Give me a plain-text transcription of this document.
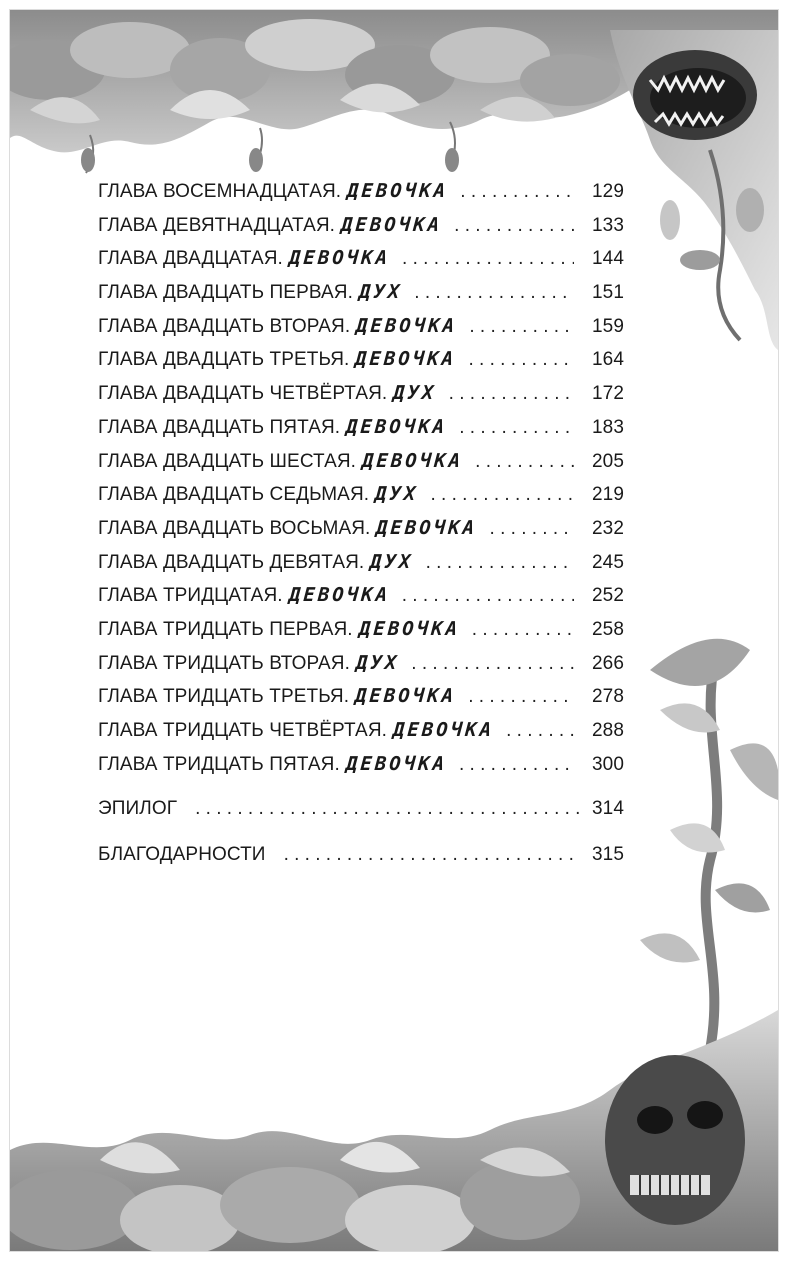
ГЛАВА ВОСЕМНАДЦАТАЯ. ДЕВОЧКА . . .	129
ГЛАВА ДЕВЯТНАДЦАТАЯ. ДЕВОЧКА . . .	133
ГЛАВА ДВАДЦАТАЯ. ДЕВОЧКА . . .	144
ГЛАВА ДВАДЦАТЬ ПЕРВАЯ. ДУХ . . .	151
ГЛАВА ДВАДЦАТЬ ВТОРАЯ. ДЕВОЧКА . . .	159
ГЛАВА ДВАДЦАТЬ ТРЕТЬЯ. ДЕВОЧКА . . .	164
ГЛАВА ДВАДЦАТЬ ЧЕТВЁРТАЯ. ДУХ . . .	172
ГЛАВА ДВАДЦАТЬ ПЯТАЯ. ДЕВОЧКА . . .	183
ГЛАВА ДВАДЦАТЬ ШЕСТАЯ. ДЕВОЧКА . . .	205
ГЛАВА ДВАДЦАТЬ СЕДЬМАЯ. ДУХ . . .	219
ГЛАВА ДВАДЦАТЬ ВОСЬМАЯ. ДЕВОЧКА . . .	232
ГЛАВА ДВАДЦАТЬ ДЕВЯТАЯ. ДУХ . . .	245
ГЛАВА ТРИДЦАТАЯ. ДЕВОЧКА . . .	252
ГЛАВА ТРИДЦАТЬ ПЕРВАЯ. ДЕВОЧКА . . .	258
ГЛАВА ТРИДЦАТЬ ВТОРАЯ. ДУХ . . .	266
ГЛАВА ТРИДЦАТЬ ТРЕТЬЯ. ДЕВОЧКА . . .	278
ГЛАВА ТРИДЦАТЬ ЧЕТВЁРТАЯ. ДЕВОЧКА . . .	288
ГЛАВА ТРИДЦАТЬ ПЯТАЯ. ДЕВОЧКА . . .	300
ЭПИЛОГ . . .	314
БЛАГОДАРНОСТИ . . .	315
